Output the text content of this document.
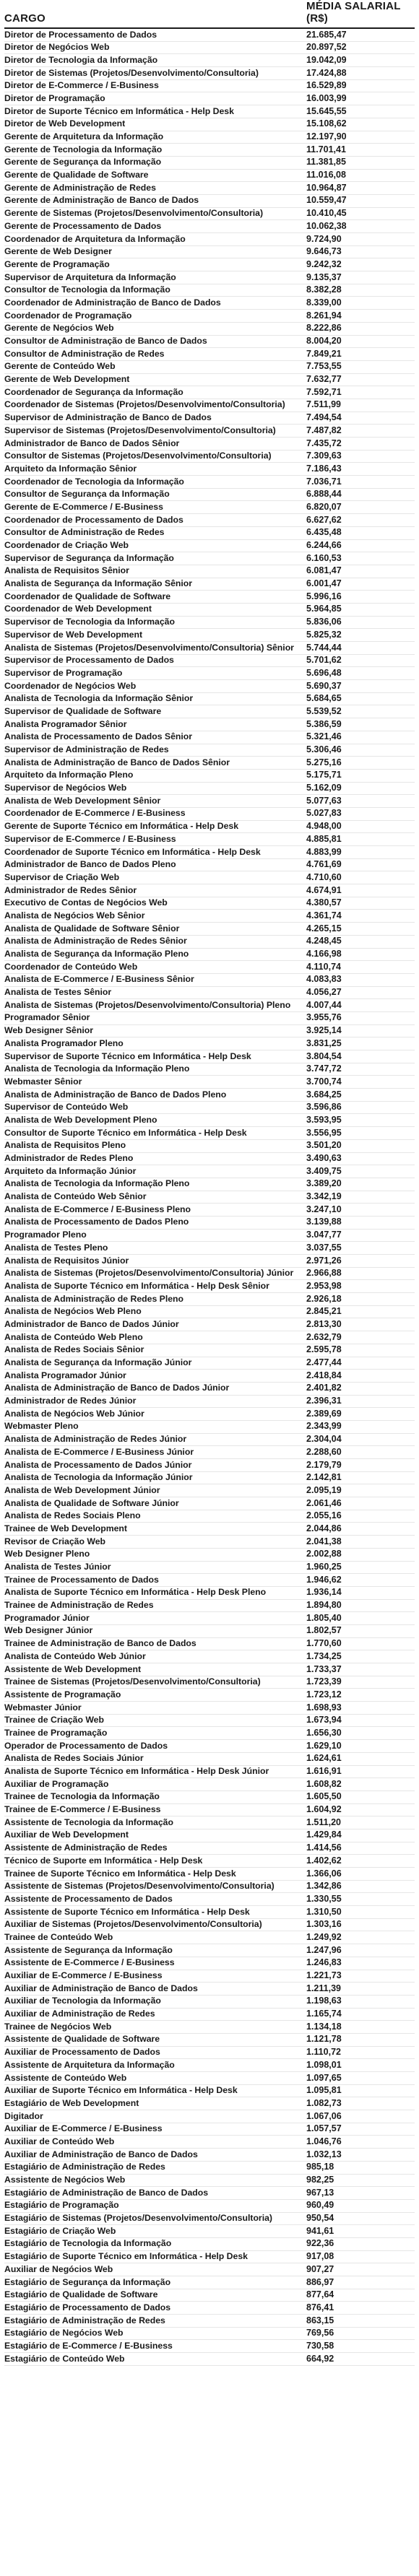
CARGO
MÉDIA SALARIAL (R$)
Diretor de Processamento de Dados	21.685,47
Diretor de Negócios Web	20.897,52
Diretor de Tecnologia da Informação	19.042,09
Diretor de Sistemas (Projetos/Desenvolvimento/Consultoria)	17.424,88
Diretor de E-Commerce / E-Business	16.529,89
Diretor de Programação	16.003,99
Diretor de Suporte Técnico em Informática - Help Desk	15.645,55
Diretor de Web Development	15.108,62
Gerente de Arquitetura da Informação	12.197,90
Gerente de Tecnologia da Informação	11.701,41
Gerente de Segurança da Informação	11.381,85
Gerente de Qualidade de Software	11.016,08
Gerente de Administração de Redes	10.964,87
Gerente de Administração de Banco de Dados	10.559,47
Gerente de Sistemas (Projetos/Desenvolvimento/Consultoria)	10.410,45
Gerente de Processamento de Dados	10.062,38
Coordenador de Arquitetura da Informação	9.724,90
Gerente de Web Designer	9.646,73
Gerente de Programação	9.242,32
Supervisor de Arquitetura da Informação	9.135,37
Consultor de Tecnologia da Informação	8.382,28
Coordenador de Administração de Banco de Dados	8.339,00
Coordenador de Programação	8.261,94
Gerente de Negócios Web	8.222,86
Consultor de Administração de Banco de Dados	8.004,20
Consultor de Administração de Redes	7.849,21
Gerente de Conteúdo Web	7.753,55
Gerente de Web Development	7.632,77
Coordenador de Segurança da Informação	7.592,71
Coordenador de Sistemas (Projetos/Desenvolvimento/Consultoria)	7.511,99
Supervisor de Administração de Banco de Dados	7.494,54
Supervisor de Sistemas (Projetos/Desenvolvimento/Consultoria)	7.487,82
Administrador de Banco de Dados Sênior	7.435,72
Consultor de Sistemas (Projetos/Desenvolvimento/Consultoria)	7.309,63
Arquiteto da Informação Sênior	7.186,43
Coordenador de Tecnologia da Informação	7.036,71
Consultor de Segurança da Informação	6.888,44
Gerente de E-Commerce / E-Business	6.820,07
Coordenador de Processamento de Dados	6.627,62
Consultor de Administração de Redes	6.435,48
Coordenador de Criação Web	6.244,66
Supervisor de Segurança da Informação	6.160,53
Analista de Requisitos Sênior	6.081,47
Analista de Segurança da Informação Sênior	6.001,47
Coordenador de Qualidade de Software	5.996,16
Coordenador de Web Development	5.964,85
Supervisor de Tecnologia da Informação	5.836,06
Supervisor de Web Development	5.825,32
Analista de Sistemas (Projetos/Desenvolvimento/Consultoria) Sênior	5.744,44
Supervisor de Processamento de Dados	5.701,62
Supervisor de Programação	5.696,48
Coordenador de Negócios Web	5.690,37
Analista de Tecnologia da Informação Sênior	5.684,65
Supervisor de Qualidade de Software	5.539,52
Analista Programador Sênior	5.386,59
Analista de Processamento de Dados Sênior	5.321,46
Supervisor de Administração de Redes	5.306,46
Analista de Administração de Banco de Dados Sênior	5.275,16
Arquiteto da Informação Pleno	5.175,71
Supervisor de Negócios Web	5.162,09
Analista de Web Development Sênior	5.077,63
Coordenador de E-Commerce / E-Business	5.027,83
Gerente de Suporte Técnico em Informática - Help Desk	4.948,00
Supervisor de E-Commerce / E-Business	4.885,81
Coordenador de Suporte Técnico em Informática - Help Desk	4.883,99
Administrador de Banco de Dados Pleno	4.761,69
Supervisor de Criação Web	4.710,60
Administrador de Redes Sênior	4.674,91
Executivo de Contas de Negócios Web	4.380,57
Analista de Negócios Web Sênior	4.361,74
Analista de Qualidade de Software Sênior	4.265,15
Analista de Administração de Redes Sênior	4.248,45
Analista de Segurança da Informação Pleno	4.166,98
Coordenador de Conteúdo Web	4.110,74
Analista de E-Commerce / E-Business Sênior	4.083,83
Analista de Testes Sênior	4.056,27
Analista de Sistemas (Projetos/Desenvolvimento/Consultoria) Pleno	4.007,44
Programador Sênior	3.955,76
Web Designer Sênior	3.925,14
Analista Programador Pleno	3.831,25
Supervisor de Suporte Técnico em Informática - Help Desk	3.804,54
Analista de Tecnologia da Informação Pleno	3.747,72
Webmaster Sênior	3.700,74
Analista de Administração de Banco de Dados Pleno	3.684,25
Supervisor de Conteúdo Web	3.596,86
Analista de Web Development Pleno	3.593,95
Consultor de Suporte Técnico em Informática - Help Desk	3.556,95
Analista de Requisitos Pleno	3.501,20
Administrador de Redes Pleno	3.490,63
Arquiteto da Informação Júnior	3.409,75
Analista de Tecnologia da Informação Pleno	3.389,20
Analista de Conteúdo Web Sênior	3.342,19
Analista de E-Commerce / E-Business Pleno	3.247,10
Analista de Processamento de Dados Pleno	3.139,88
Programador Pleno	3.047,77
Analista de Testes Pleno	3.037,55
Analista de Requisitos Júnior	2.971,26
Analista de Sistemas (Projetos/Desenvolvimento/Consultoria) Júnior	2.966,88
Analista de Suporte Técnico em Informática - Help Desk Sênior	2.953,98
Analista de Administração de Redes Pleno	2.926,18
Analista de Negócios Web Pleno	2.845,21
Administrador de Banco de Dados Júnior	2.813,30
Analista de Conteúdo Web Pleno	2.632,79
Analista de Redes Sociais Sênior	2.595,78
Analista de Segurança da Informação Júnior	2.477,44
Analista Programador Júnior	2.418,84
Analista de Administração de Banco de Dados Júnior	2.401,82
Administrador de Redes Júnior	2.396,31
Analista de Negócios Web Júnior	2.389,69
Webmaster Pleno	2.343,99
Analista de Administração de Redes Júnior	2.304,04
Analista de E-Commerce / E-Business Júnior	2.288,60
Analista de Processamento de Dados Júnior	2.179,79
Analista de Tecnologia da Informação Júnior	2.142,81
Analista de Web Development Júnior	2.095,19
Analista de Qualidade de Software Júnior	2.061,46
Analista de Redes Sociais Pleno	2.055,16
Trainee de Web Development	2.044,86
Revisor de Criação Web	2.041,38
Web Designer Pleno	2.002,88
Analista de Testes Júnior	1.960,25
Trainee de Processamento de Dados	1.946,62
Analista de Suporte Técnico em Informática - Help Desk Pleno	1.936,14
Trainee de Administração de Redes	1.894,80
Programador Júnior	1.805,40
Web Designer Júnior	1.802,57
Trainee de Administração de Banco de Dados	1.770,60
Analista de Conteúdo Web Júnior	1.734,25
Assistente de Web Development	1.733,37
Trainee de Sistemas (Projetos/Desenvolvimento/Consultoria)	1.723,39
Assistente de Programação	1.723,12
Webmaster Júnior	1.698,93
Trainee de Criação Web	1.673,94
Trainee de Programação	1.656,30
Operador de Processamento de Dados	1.629,10
Analista de Redes Sociais Júnior	1.624,61
Analista de Suporte Técnico em Informática - Help Desk Júnior	1.616,91
Auxiliar de Programação	1.608,82
Trainee de Tecnologia da Informação	1.605,50
Trainee de E-Commerce / E-Business	1.604,92
Assistente de Tecnologia da Informação	1.511,20
Auxiliar de Web Development	1.429,84
Assistente de Administração de Redes	1.414,56
Técnico de Suporte em Informática - Help Desk	1.402,62
Trainee de Suporte Técnico em Informática - Help Desk	1.366,06
Assistente de Sistemas (Projetos/Desenvolvimento/Consultoria)	1.342,86
Assistente de Processamento de Dados	1.330,55
Assistente de Suporte Técnico em Informática - Help Desk	1.310,50
Auxiliar de Sistemas (Projetos/Desenvolvimento/Consultoria)	1.303,16
Trainee de Conteúdo Web	1.249,92
Assistente de Segurança da Informação	1.247,96
Assistente de E-Commerce / E-Business	1.246,83
Auxiliar de E-Commerce / E-Business	1.221,73
Auxiliar de Administração de Banco de Dados	1.211,39
Auxiliar de Tecnologia da Informação	1.198,63
Auxiliar de Administração de Redes	1.165,74
Trainee de Negócios Web	1.134,18
Assistente de Qualidade de Software	1.121,78
Auxiliar de Processamento de Dados	1.110,72
Assistente de Arquitetura da Informação	1.098,01
Assistente de Conteúdo Web	1.097,65
Auxiliar de Suporte Técnico em Informática - Help Desk	1.095,81
Estagiário de Web Development	1.082,73
Digitador	1.067,06
Auxiliar de E-Commerce / E-Business	1.057,57
Auxiliar de Conteúdo Web	1.046,76
Auxiliar de Administração de Banco de Dados	1.032,13
Estagiário de Administração de Redes	985,18
Assistente de Negócios Web	982,25
Estagiário de Administração de Banco de Dados	967,13
Estagiário de Programação	960,49
Estagiário de Sistemas (Projetos/Desenvolvimento/Consultoria)	950,54
Estagiário de Criação Web	941,61
Estagiário de Tecnologia da Informação	922,36
Estagiário de Suporte Técnico em Informática - Help Desk	917,08
Auxiliar de Negócios Web	907,27
Estagiário de Segurança da Informação	886,97
Estagiário de Qualidade de Software	877,64
Estagiário de Processamento de Dados	876,41
Estagiário de Administração de Redes	863,15
Estagiário de Negócios Web	769,56
Estagiário de E-Commerce / E-Business	730,58
Estagiário de Conteúdo Web	664,92
